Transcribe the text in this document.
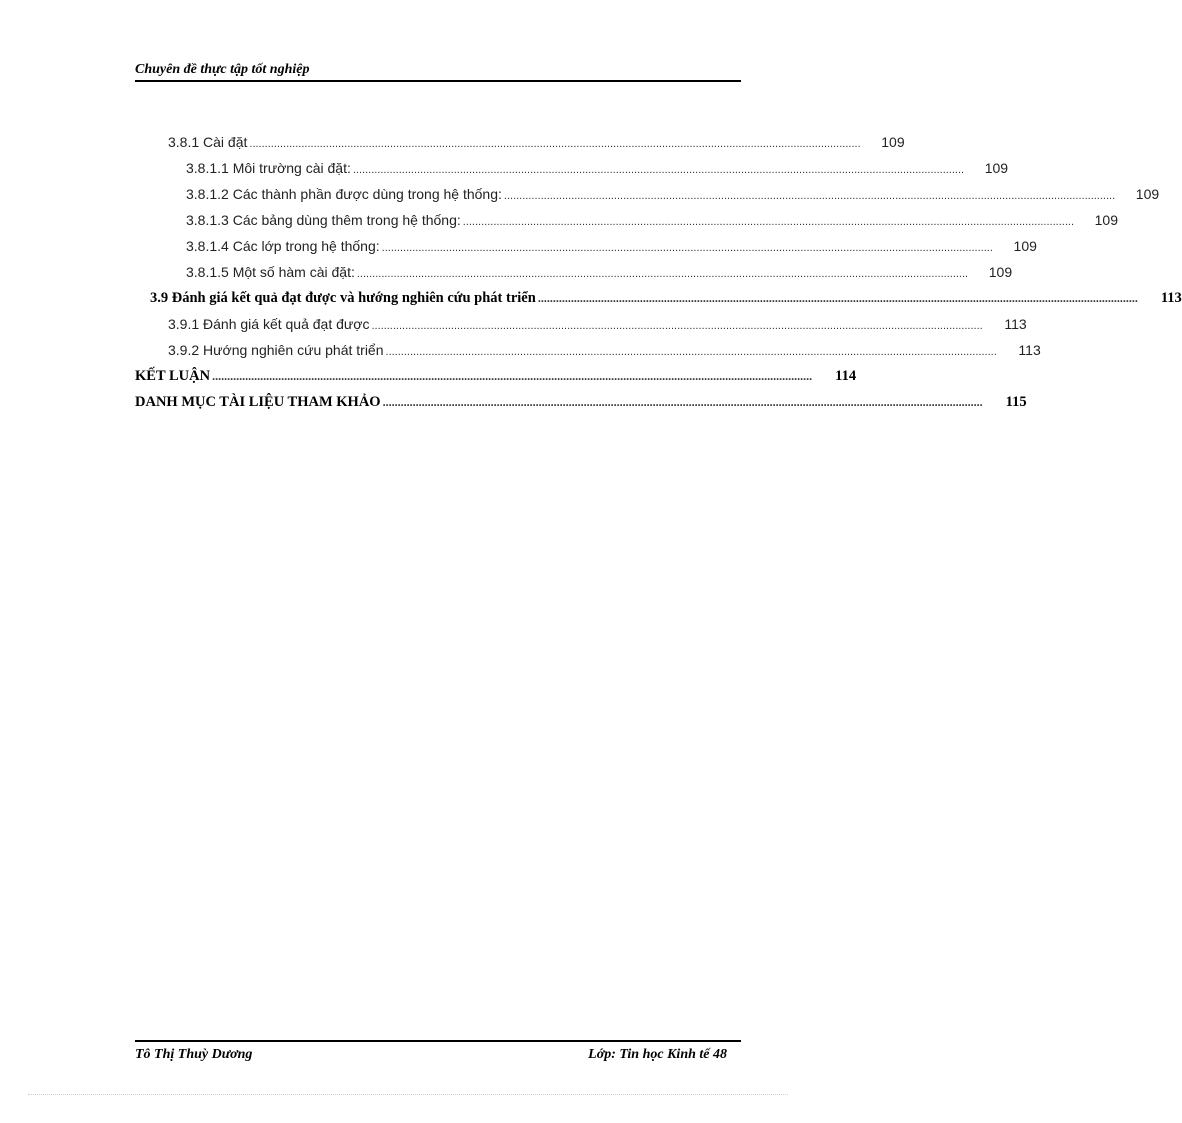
Chuyên đề thực tập tốt nghiệp
3.8.1 Cài đặt ........................................................................................................................................................................................................	109
3.8.1.1 Môi trường cài đặt: ........................................................................................................................................................................................................	109
3.8.1.2 Các thành phần được dùng trong hệ thống: ........................................................................................................................................................................................................	109
3.8.1.3 Các bảng dùng thêm trong hệ thống: ........................................................................................................................................................................................................	109
3.8.1.4 Các lớp trong hệ thống: ........................................................................................................................................................................................................	109
3.8.1.5 Một số hàm cài đặt: ........................................................................................................................................................................................................	109
3.9 Đánh giá kết quả đạt được và hướng nghiên cứu phát triển ........................................................................................................................................................................................................	113
3.9.1 Đánh giá kết quả đạt được ........................................................................................................................................................................................................	113
3.9.2 Hướng nghiên cứu phát triển ........................................................................................................................................................................................................	113
KẾT LUẬN ........................................................................................................................................................................................................	114
DANH MỤC TÀI LIỆU THAM KHẢO ........................................................................................................................................................................................................	115
Tô Thị Thuỳ Dương	Lớp: Tin học Kinh tế 48
